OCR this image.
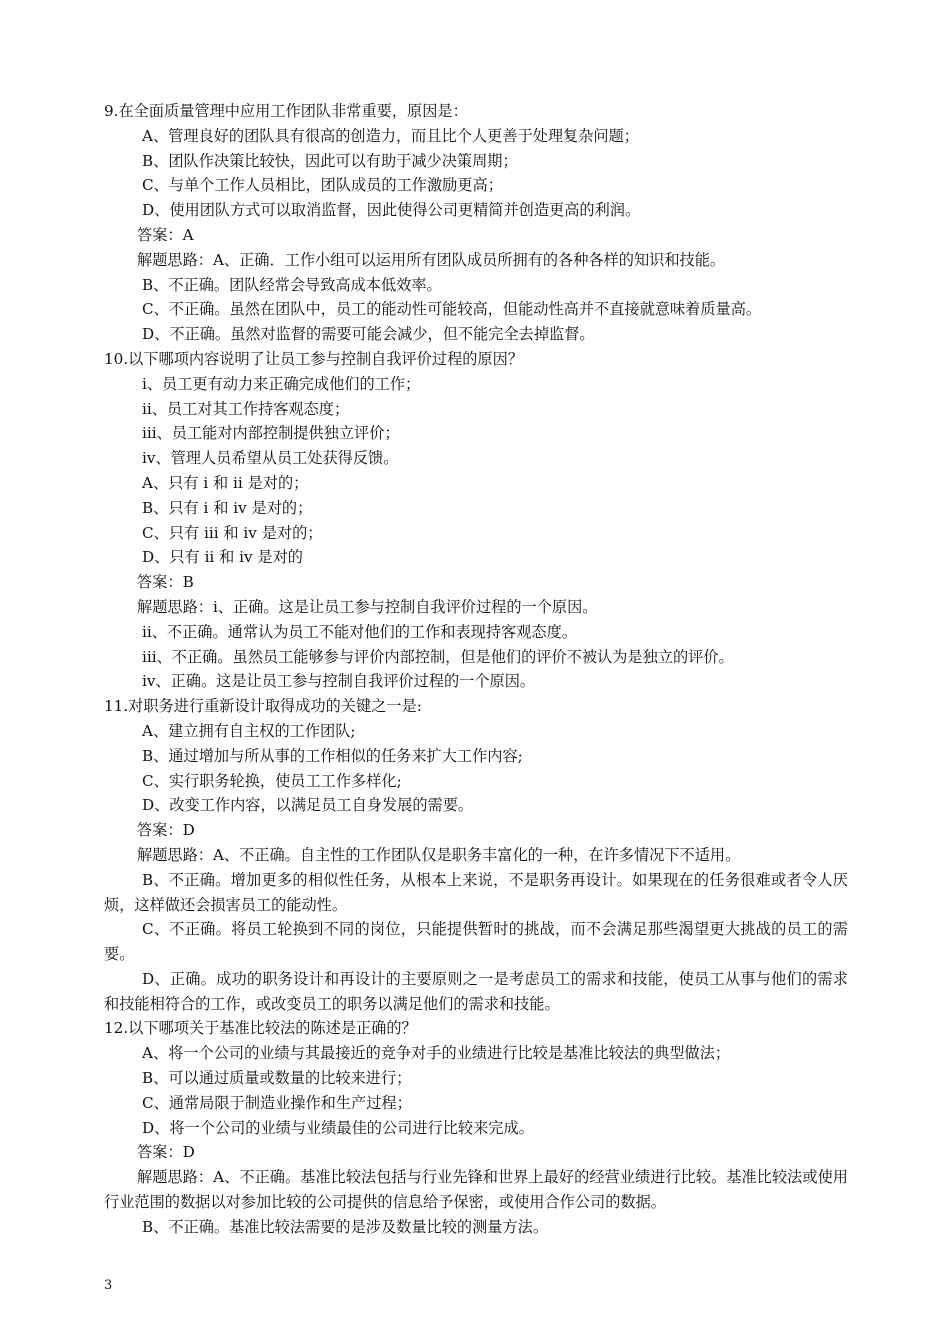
9.在全面质量管理中应用工作团队非常重要，原因是：
A、管理良好的团队具有很高的创造力，而且比个人更善于处理复杂问题；
B、团队作决策比较快，因此可以有助于减少决策周期；
C、与单个工作人员相比，团队成员的工作激励更高；
D、使用团队方式可以取消监督，因此使得公司更精简并创造更高的利润。
答案：A
解题思路：A、正确．工作小组可以运用所有团队成员所拥有的各种各样的知识和技能。
B、不正确。团队经常会导致高成本低效率。
C、不正确。虽然在团队中，员工的能动性可能较高，但能动性高并不直接就意味着质量高。
D、不正确。虽然对监督的需要可能会减少，但不能完全去掉监督。
10.以下哪项内容说明了让员工参与控制自我评价过程的原因？
i、员工更有动力来正确完成他们的工作；
ii、员工对其工作持客观态度；
iii、员工能对内部控制提供独立评价；
iv、管理人员希望从员工处获得反馈。
A、只有 i 和 ii 是对的；
B、只有 i 和 iv 是对的；
C、只有 iii 和 iv 是对的；
D、只有 ii 和 iv 是对的
答案：B
解题思路：i、正确。这是让员工参与控制自我评价过程的一个原因。
ii、不正确。通常认为员工不能对他们的工作和表现持客观态度。
iii、不正确。虽然员工能够参与评价内部控制，但是他们的评价不被认为是独立的评价。
iv、正确。这是让员工参与控制自我评价过程的一个原因。
11.对职务进行重新设计取得成功的关键之一是:
A、建立拥有自主权的工作团队;
B、通过增加与所从事的工作相似的任务来扩大工作内容;
C、实行职务轮换，使员工工作多样化;
D、改变工作内容，以满足员工自身发展的需要。
答案：D
解题思路：A、不正确。自主性的工作团队仅是职务丰富化的一种，在许多情况下不适用。
B、不正确。增加更多的相似性任务，从根本上来说，不是职务再设计。如果现在的任务很难或者令人厌烦，这样做还会损害员工的能动性。
C、不正确。将员工轮换到不同的岗位，只能提供暂时的挑战，而不会满足那些渴望更大挑战的员工的需要。
D、正确。成功的职务设计和再设计的主要原则之一是考虑员工的需求和技能，使员工从事与他们的需求和技能相符合的工作，或改变员工的职务以满足他们的需求和技能。
12.以下哪项关于基准比较法的陈述是正确的？
A、将一个公司的业绩与其最接近的竞争对手的业绩进行比较是基准比较法的典型做法；
B、可以通过质量或数量的比较来进行；
C、通常局限于制造业操作和生产过程；
D、将一个公司的业绩与业绩最佳的公司进行比较来完成。
答案：D
解题思路：A、不正确。基准比较法包括与行业先锋和世界上最好的经营业绩进行比较。基准比较法或使用行业范围的数据以对参加比较的公司提供的信息给予保密，或使用合作公司的数据。
B、不正确。基准比较法需要的是涉及数量比较的测量方法。
3
